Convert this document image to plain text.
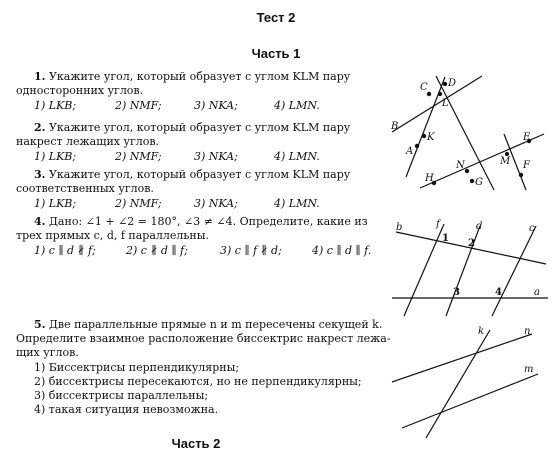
Тест 2
Часть 1
1. Укажите угол, который образует с углом KLM пару
односторонних углов.
1) LKB;	2) NMF;	3) NKA;	4) LMN.
2. Укажите угол, который образует с углом KLM пару
накрест лежащих углов.
1) LKB;	2) NMF;	3) NKA;	4) LMN.
3. Укажите угол, который образует с углом KLM пару
соответственных углов.
1) LKB;	2) NMF;	3) NKA;	4) LMN.
4. Дано: ∠1 + ∠2 = 180°, ∠3 ≠ ∠4. Определите, какие из
трех прямых c, d, f параллельны.
1) c ∥ d ∦ f;	2) c ∦ d ∥ f;	3) c ∥ f ∦ d;	4) c ∥ d ∥ f.
5. Две параллельные прямые n и m пересечены секущей k.
Определите взаимное расположение биссектрис накрест лежа-
щих углов.
1) Биссектрисы перпендикулярны;
2) биссектрисы пересекаются, но не перпендикулярны;
3) биссектрисы параллельны;
4) такая ситуация невозможна.
Часть 2
D
C
L
B
K
A
E
N	M
H	G
F
b	f	d	c
a
1 2
3	4
k	n
m
